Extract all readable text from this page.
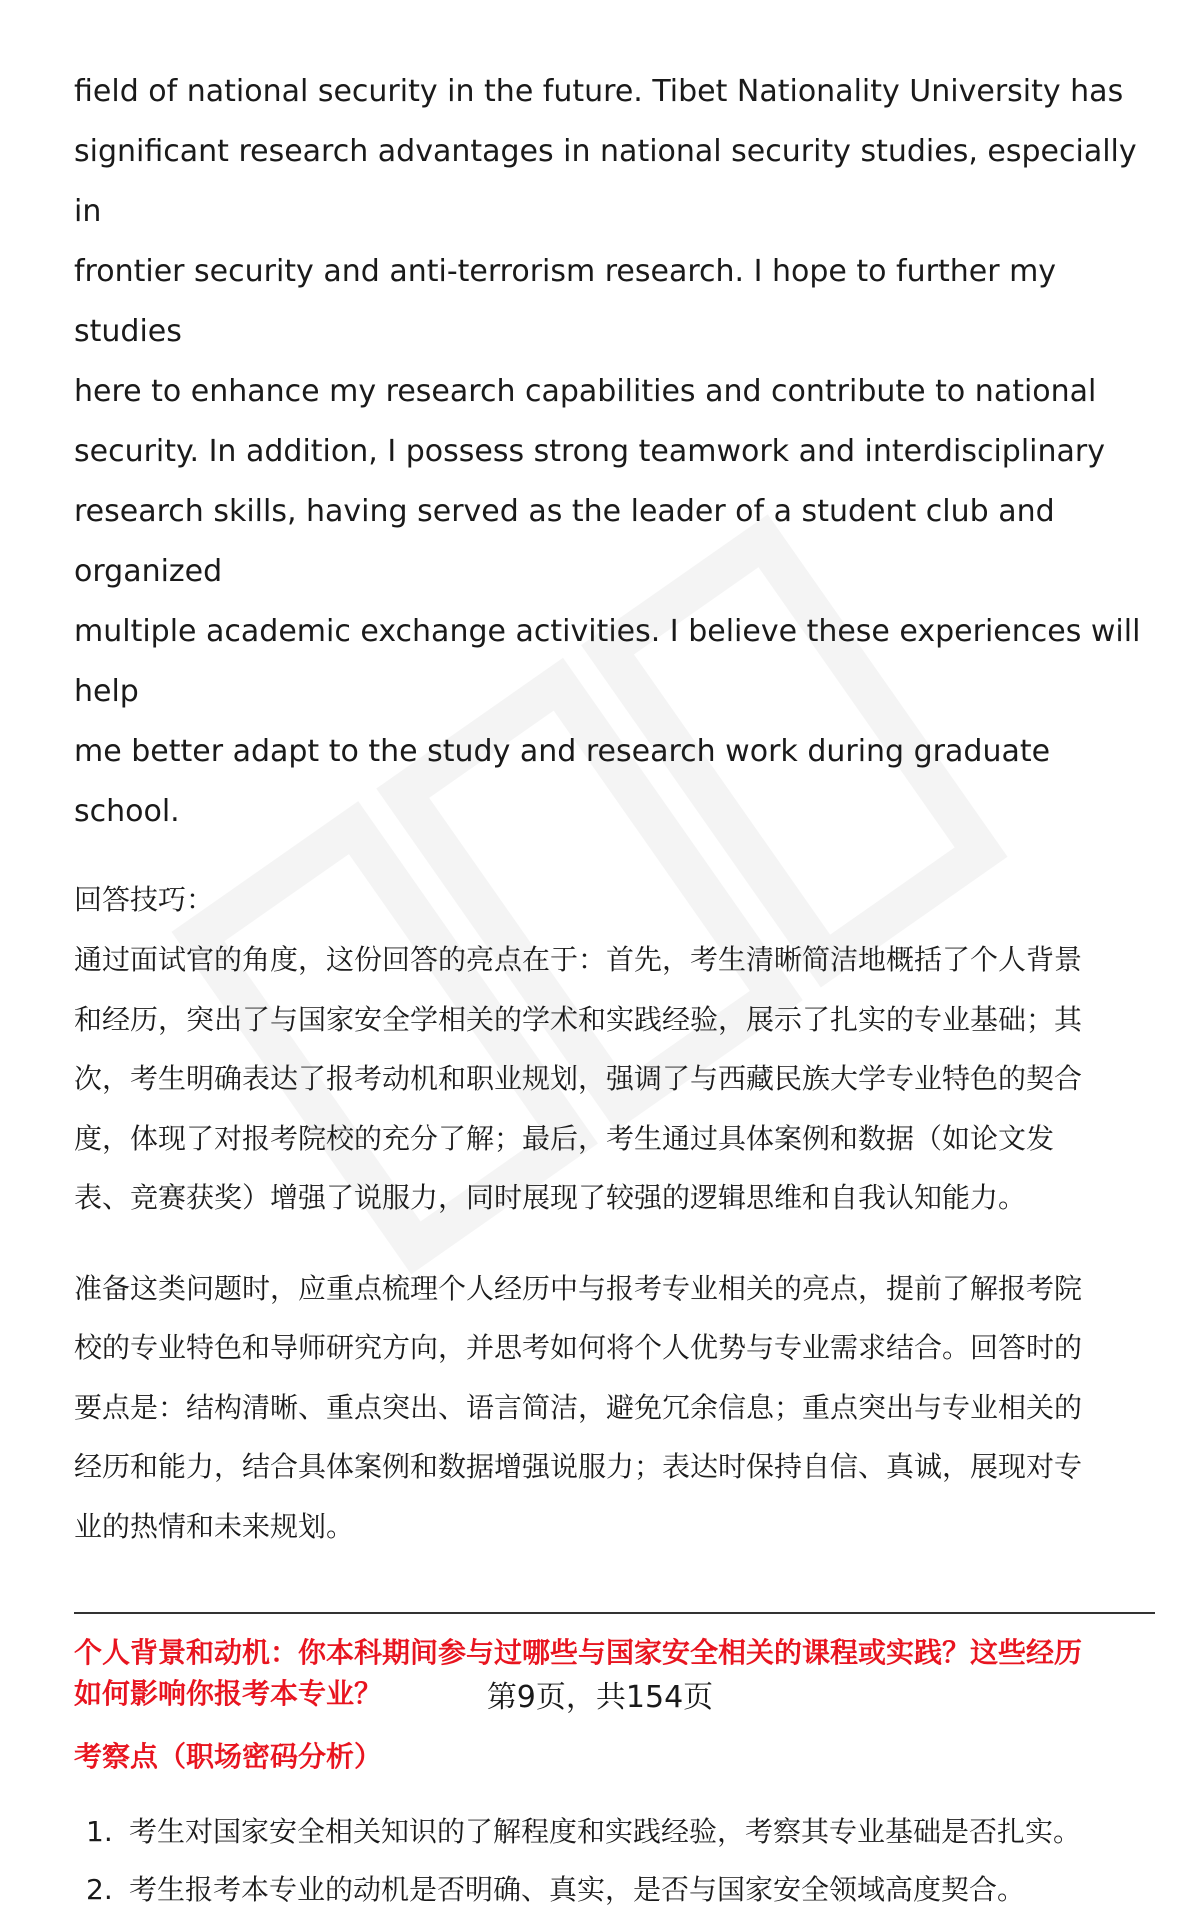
field of national security in the future. Tibet Nationality University has

significant research advantages in national security studies, especially in

frontier security and anti-terrorism research. I hope to further my studies

here to enhance my research capabilities and contribute to national

security. In addition, I possess strong teamwork and interdisciplinary

research skills, having served as the leader of a student club and organized

multiple academic exchange activities. I believe these experiences will help

me better adapt to the study and research work during graduate school.

回答技巧：

通过面试官的角度，这份回答的亮点在于：首先，考生清晰简洁地概括了个人背景

和经历，突出了与国家安全学相关的学术和实践经验，展示了扎实的专业基础；其

次，考生明确表达了报考动机和职业规划，强调了与西藏民族大学专业特色的契合

度，体现了对报考院校的充分了解；最后，考生通过具体案例和数据（如论文发

表、竞赛获奖）增强了说服力，同时展现了较强的逻辑思维和自我认知能力。

准备这类问题时，应重点梳理个人经历中与报考专业相关的亮点，提前了解报考院

校的专业特色和导师研究方向，并思考如何将个人优势与专业需求结合。回答时的

要点是：结构清晰、重点突出、语言简洁，避免冗余信息；重点突出与专业相关的

经历和能力，结合具体案例和数据增强说服力；表达时保持自信、真诚，展现对专

业的热情和未来规划。

个人背景和动机：你本科期间参与过哪些与国家安全相关的课程或实践？这些经历
如何影响你报考本专业？
考察点（职场密码分析）
1. 考生对国家安全相关知识的了解程度和实践经验，考察其专业基础是否扎实。
2. 考生报考本专业的动机是否明确、真实，是否与国家安全领域高度契合。
第9页，共154页
